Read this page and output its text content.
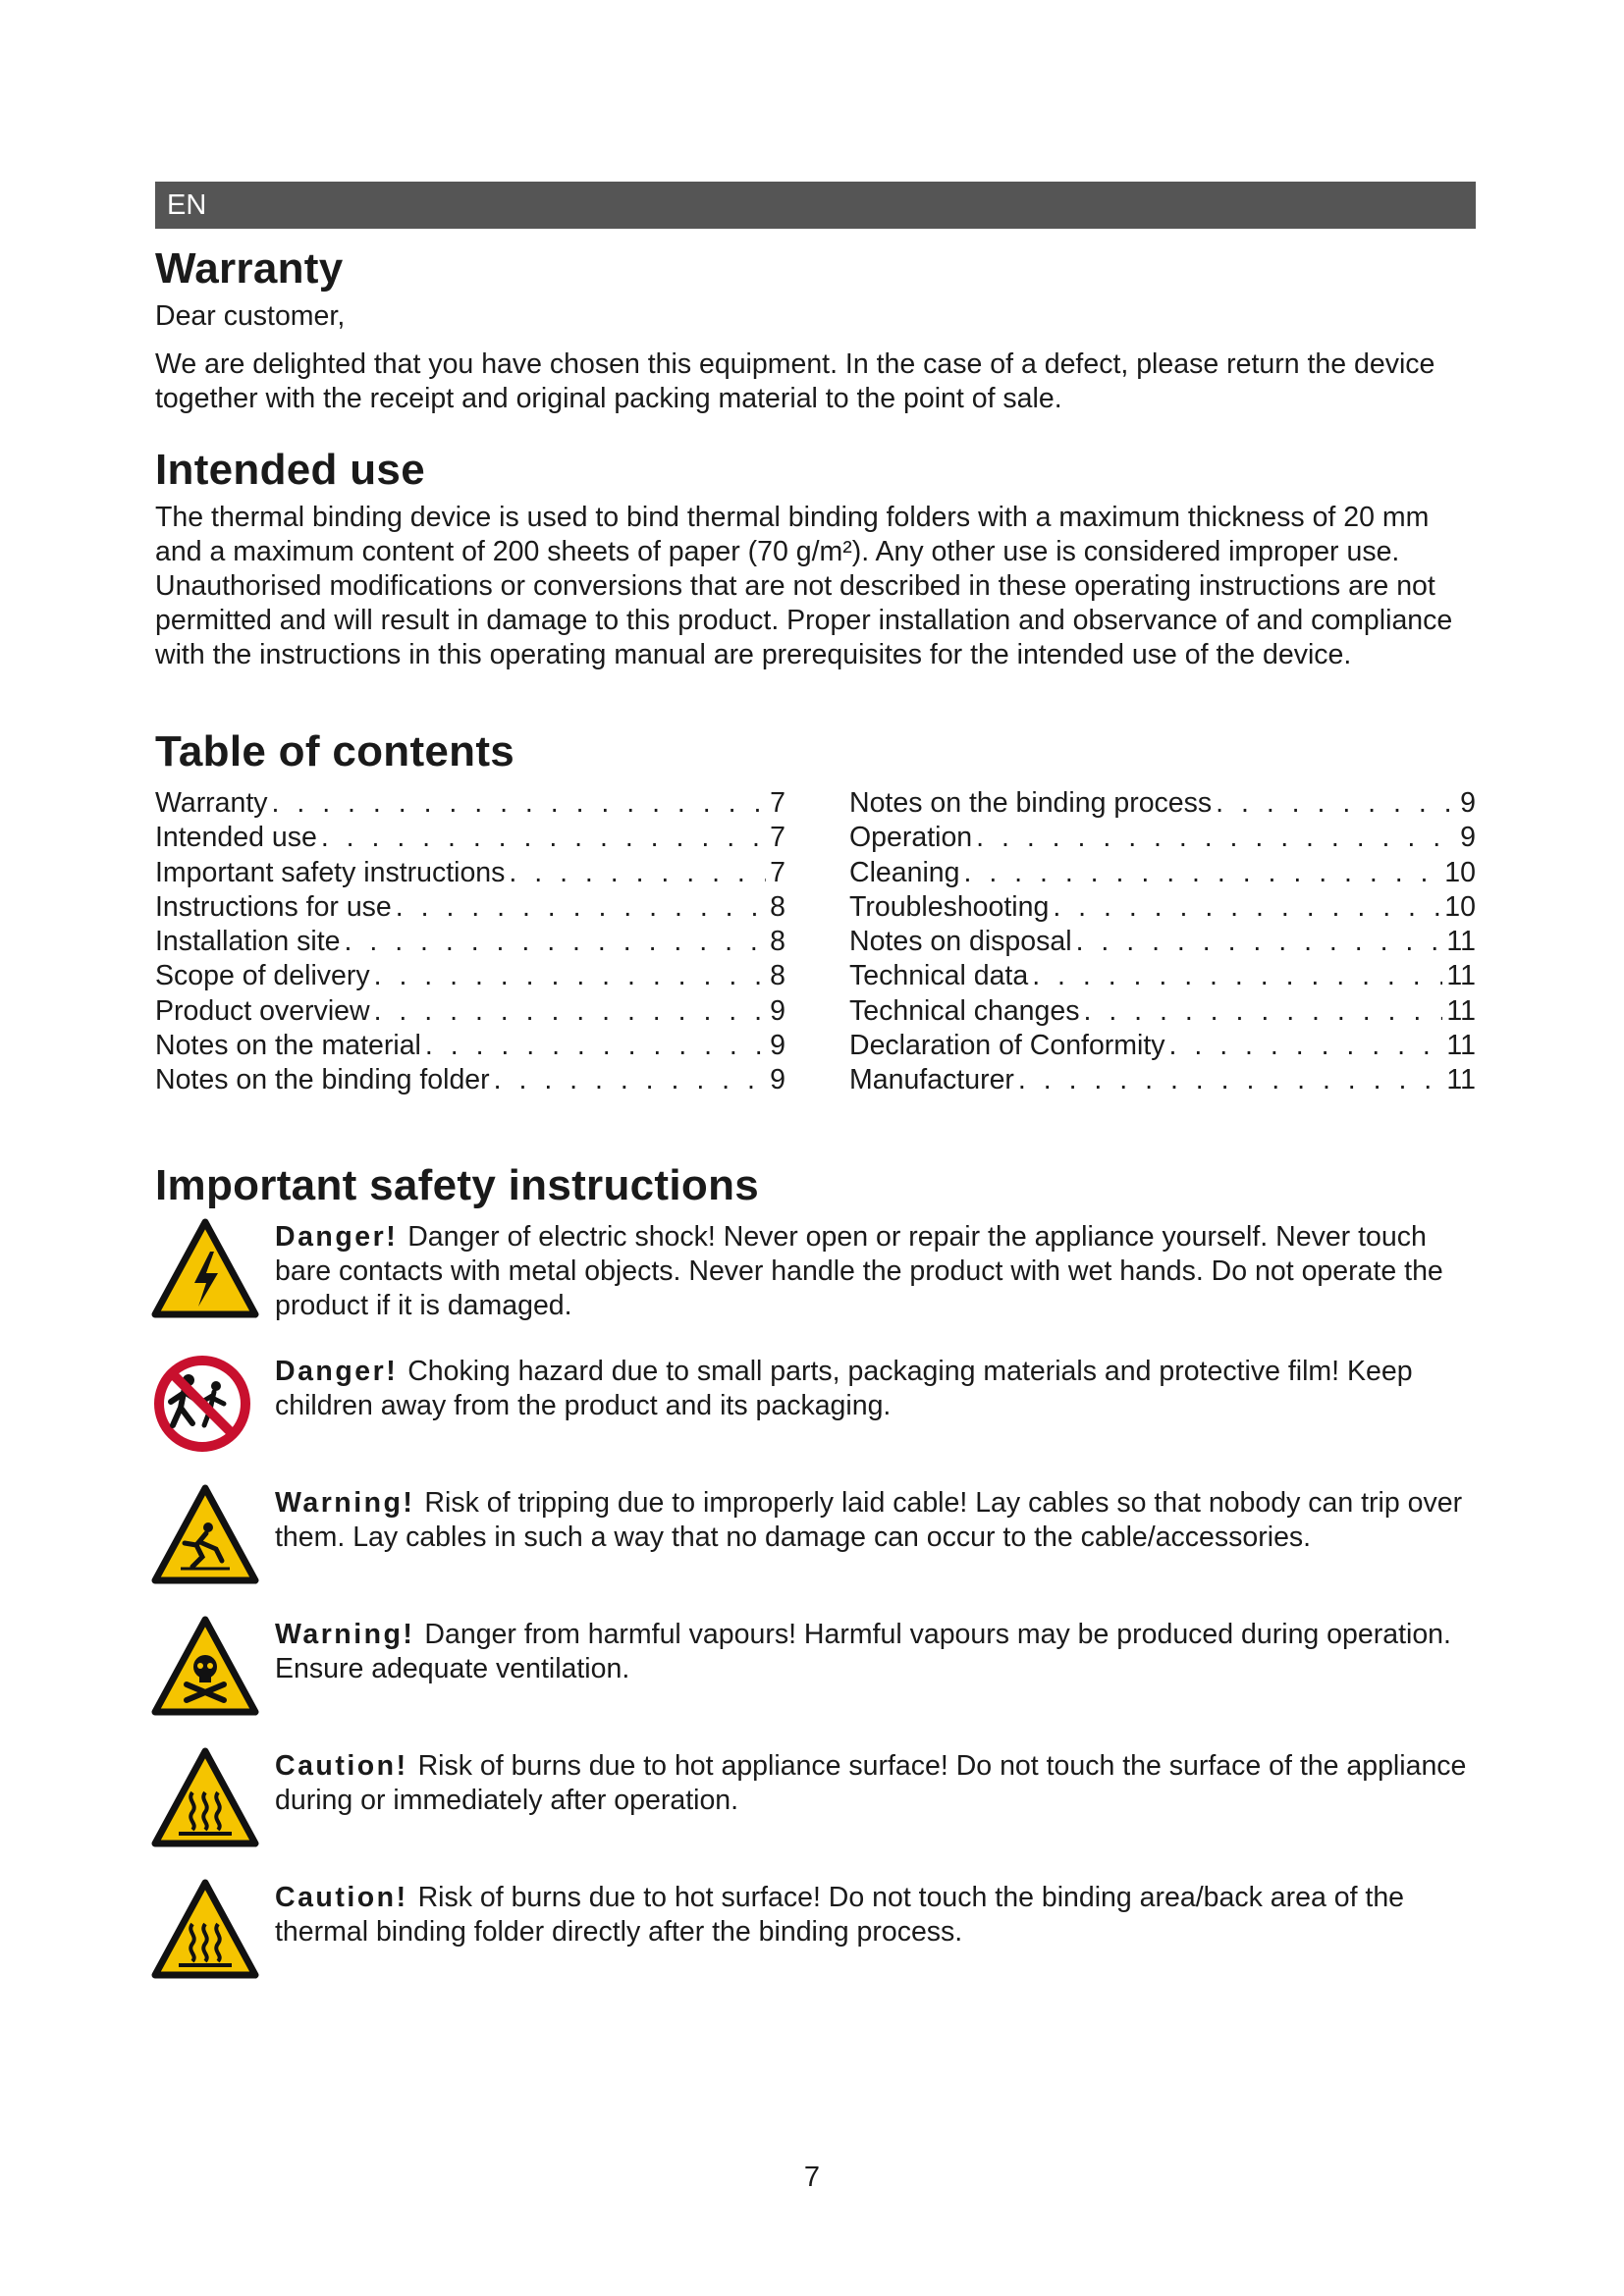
EN
Warranty

Dear customer,

We are delighted that you have chosen this equipment. In the case of a defect, please return the device together with the receipt and original packing material to the point of sale.

Intended use

The thermal binding device is used to bind thermal binding folders with a maximum thickness of 20 mm and a maximum content of 200 sheets of paper (70 g/m²). Any other use is considered improper use. Unauthorised modifications or conversions that are not described in these operating instructions are not permitted and will result in damage to this product. Proper installation and observance of and compliance with the instructions in this operating manual are prerequisites for the intended use of the device.

Table of contents
Warranty . . .	7
Intended use . . .	7
Important safety instructions . . .	7
Instructions for use . . .	8
Installation site . . .	8
Scope of delivery . . .	8
Product overview . . .	9
Notes on the material . . .	9
Notes on the binding folder . . .	9
Notes on the binding process . . .	9
Operation . . .	9
Cleaning . . .	10
Troubleshooting . . .	10
Notes on disposal . . .	11
Technical data . . .	11
Technical changes . . .	11
Declaration of Conformity . . .	11
Manufacturer . . .	11
Important safety instructions
Danger! Danger of electric shock! Never open or repair the appliance yourself. Never touch bare contacts with metal objects. Never handle the product with wet hands. Do not operate the product if it is damaged.
Danger! Choking hazard due to small parts, packaging materials and protective film! Keep children away from the product and its packaging.
Warning! Risk of tripping due to improperly laid cable! Lay cables so that nobody can trip over them. Lay cables in such a way that no damage can occur to the cable/accessories.
Warning! Danger from harmful vapours! Harmful vapours may be produced during operation. Ensure adequate ventilation.
Caution! Risk of burns due to hot appliance surface! Do not touch the surface of the appliance during or immediately after operation.
Caution! Risk of burns due to hot surface! Do not touch the binding area/back area of the thermal binding folder directly after the binding process.
7
